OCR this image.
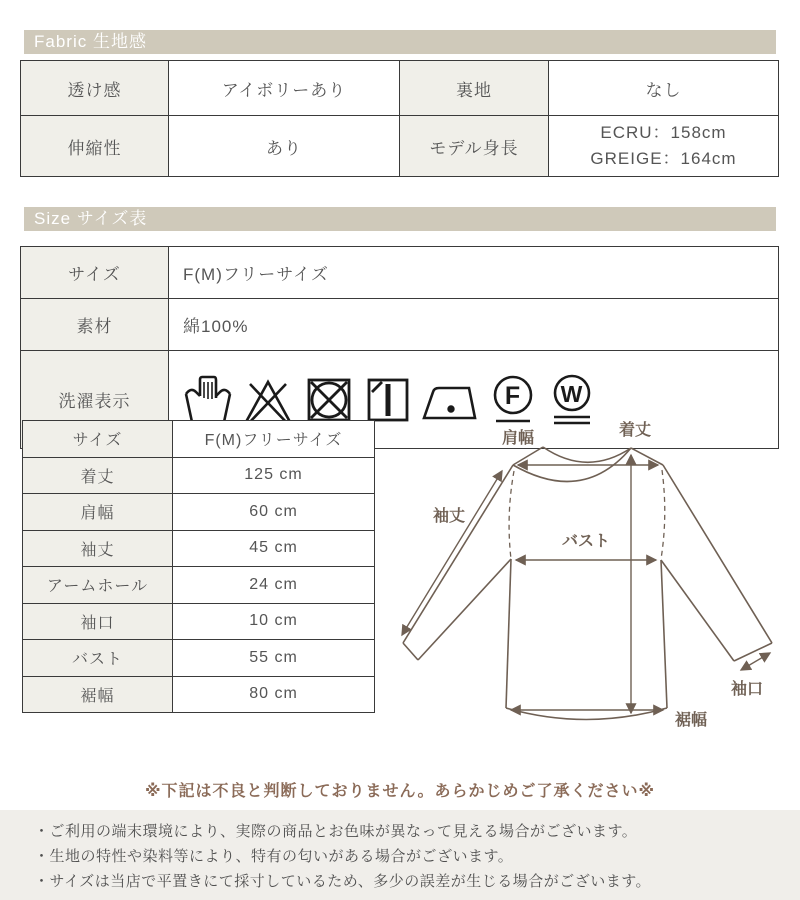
Fabric 生地感
透け感	アイボリーあり	裏地	なし
伸縮性	あり	モデル身長	ECRU：158cm
GREIGE：164cm
Size サイズ表
サイズ	F(M)フリーサイズ
素材	綿100%
洗濯表示	F W
サイズ	F(M)フリーサイズ
着丈	125 cm
肩幅	60 cm
袖丈	45 cm
アームホール	24 cm
袖口	10 cm
バスト	55 cm
裾幅	80 cm
着丈
肩幅
袖丈
バスト
袖口
裾幅
※下記は不良と判断しておりません。あらかじめご了承ください※
・ご利用の端末環境により、実際の商品とお色味が異なって見える場合がございます。
・生地の特性や染料等により、特有の匂いがある場合がございます。
・サイズは当店で平置きにて採寸しているため、多少の誤差が生じる場合がございます。
